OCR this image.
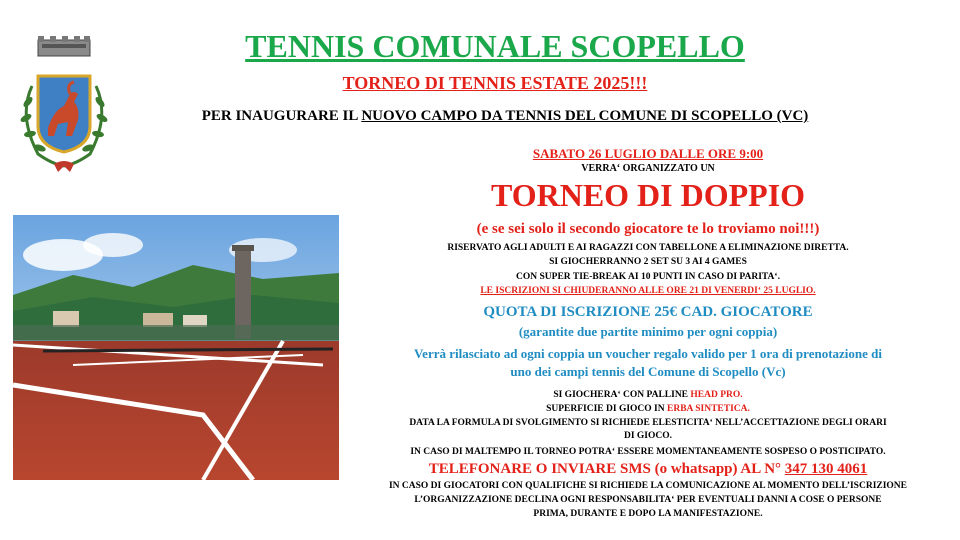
TENNIS COMUNALE SCOPELLO
TORNEO DI TENNIS ESTATE 2025!!!
PER INAUGURARE IL NUOVO CAMPO DA TENNIS DEL COMUNE DI SCOPELLO (VC)
SABATO 26 LUGLIO DALLE ORE 9:00
VERRA‘ ORGANIZZATO UN
TORNEO DI DOPPIO
(e se sei solo il secondo giocatore te lo troviamo noi!!!)
RISERVATO AGLI ADULTI E AI RAGAZZI CON TABELLONE A ELIMINAZIONE DIRETTA.
SI GIOCHERRANNO 2 SET SU 3 AI 4 GAMES
CON SUPER TIE-BREAK AI 10 PUNTI IN CASO DI PARITA‘.
LE ISCRIZIONI SI CHIUDERANNO ALLE ORE 21 DI VENERDI‘ 25 LUGLIO.
QUOTA DI ISCRIZIONE 25€ CAD. GIOCATORE
(garantite due partite minimo per ogni coppia)
Verrà rilasciato ad ogni coppia un voucher regalo valido per 1 ora di prenotazione di
uno dei campi tennis del Comune di Scopello (Vc)
SI GIOCHERA‘ CON PALLINE HEAD PRO.
SUPERFICIE DI GIOCO IN ERBA SINTETICA.
DATA LA FORMULA DI SVOLGIMENTO SI RICHIEDE ELESTICITA‘ NELL’ACCETTAZIONE DEGLI ORARI
DI GIOCO.
IN CASO DI MALTEMPO IL TORNEO POTRA‘ ESSERE MOMENTANEAMENTE SOSPESO O POSTICIPATO.
TELEFONARE O INVIARE SMS (o whatsapp) AL N° 347 130 4061
IN CASO DI GIOCATORI CON QUALIFICHE SI RICHIEDE LA COMUNICAZIONE AL MOMENTO DELL’ISCRIZIONE
L’ORGANIZZAZIONE DECLINA OGNI RESPONSABILITA‘ PER EVENTUALI DANNI A COSE O PERSONE
PRIMA, DURANTE E DOPO LA MANIFESTAZIONE.
